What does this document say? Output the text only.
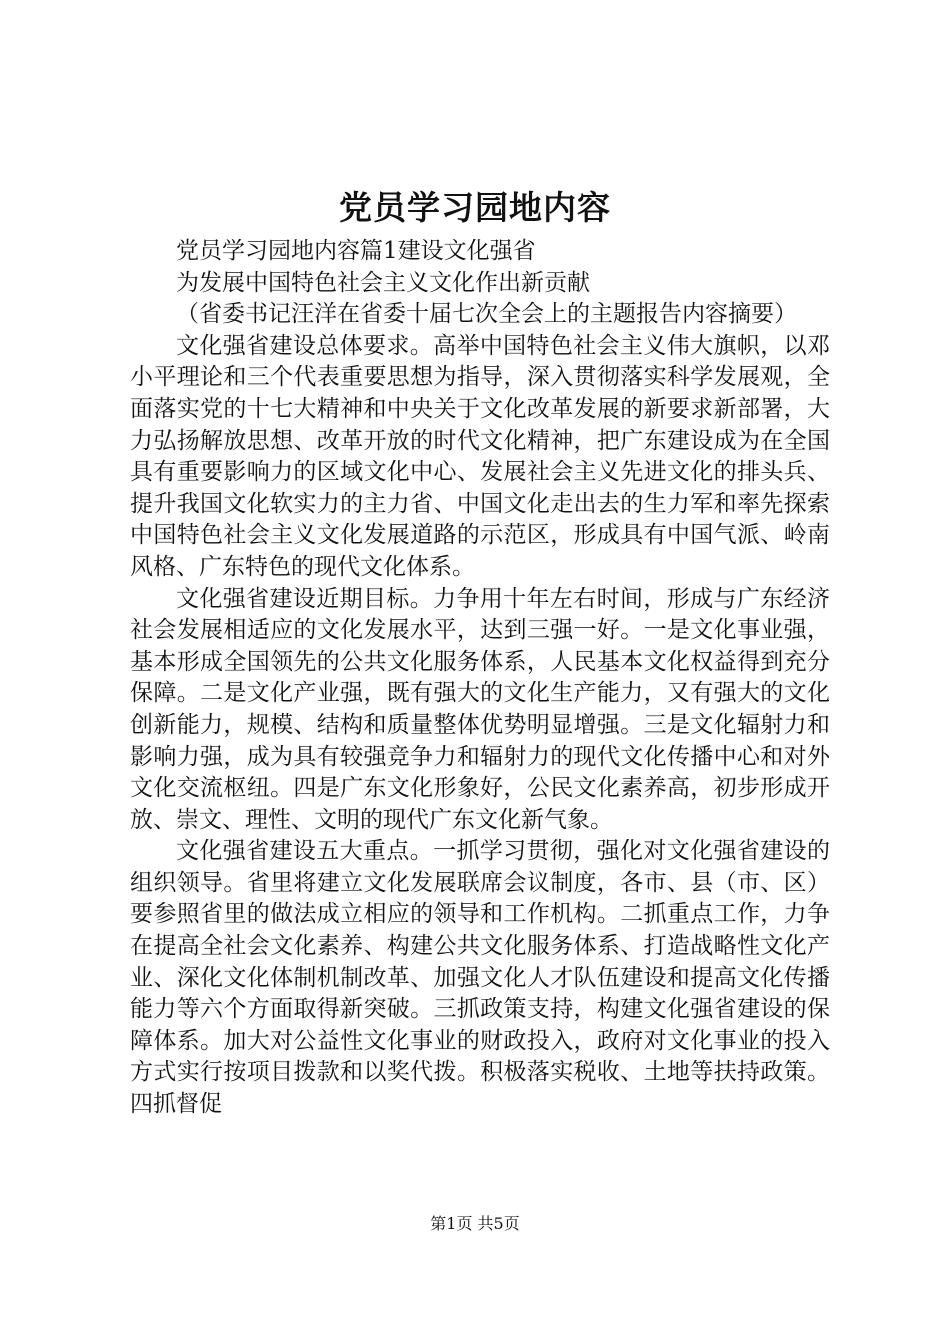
党员学习园地内容

党员学习园地内容篇1建设文化强省

为发展中国特色社会主义文化作出新贡献

（省委书记汪洋在省委十届七次全会上的主题报告内容摘要）

文化强省建设总体要求。高举中国特色社会主义伟大旗帜，以邓小平理论和三个代表重要思想为指导，深入贯彻落实科学发展观，全面落实党的十七大精神和中央关于文化改革发展的新要求新部署，大力弘扬解放思想、改革开放的时代文化精神，把广东建设成为在全国具有重要影响力的区域文化中心、发展社会主义先进文化的排头兵、提升我国文化软实力的主力省、中国文化走出去的生力军和率先探索中国特色社会主义文化发展道路的示范区，形成具有中国气派、岭南风格、广东特色的现代文化体系。

文化强省建设近期目标。力争用十年左右时间，形成与广东经济社会发展相适应的文化发展水平，达到三强一好。一是文化事业强，基本形成全国领先的公共文化服务体系，人民基本文化权益得到充分保障。二是文化产业强，既有强大的文化生产能力，又有强大的文化创新能力，规模、结构和质量整体优势明显增强。三是文化辐射力和影响力强，成为具有较强竞争力和辐射力的现代文化传播中心和对外文化交流枢纽。四是广东文化形象好，公民文化素养高，初步形成开放、崇文、理性、文明的现代广东文化新气象。

文化强省建设五大重点。一抓学习贯彻，强化对文化强省建设的组织领导。省里将建立文化发展联席会议制度，各市、县（市、区）要参照省里的做法成立相应的领导和工作机构。二抓重点工作，力争在提高全社会文化素养、构建公共文化服务体系、打造战略性文化产业、深化文化体制机制改革、加强文化人才队伍建设和提高文化传播能力等六个方面取得新突破。三抓政策支持，构建文化强省建设的保障体系。加大对公益性文化事业的财政投入，政府对文化事业的投入方式实行按项目拨款和以奖代拨。积极落实税收、土地等扶持政策。四抓督促

第1页 共5页
